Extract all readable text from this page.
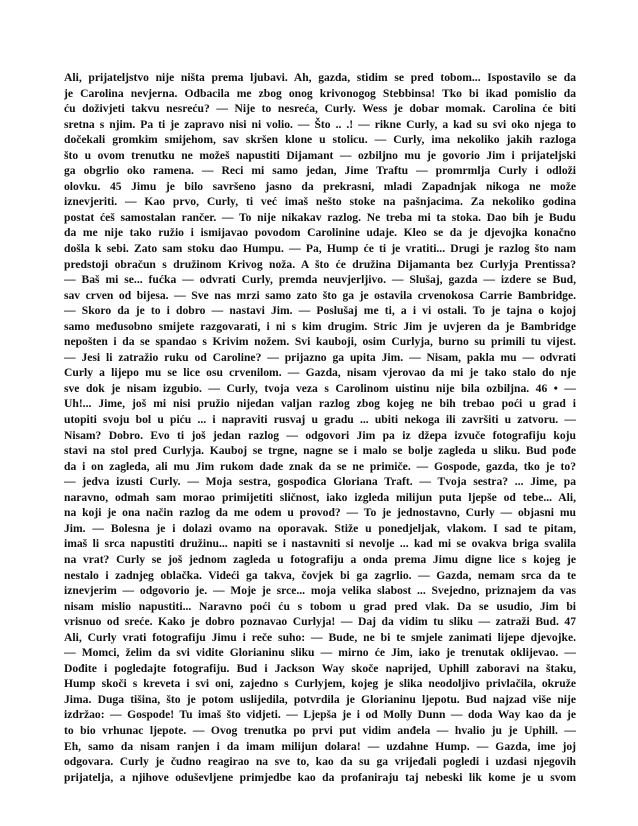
Ali, prijateljstvo nije ništa prema ljubavi. Ah, gazda, stidim se pred tobom... Ispostavilo se da
je Carolina nevjerna. Odbacila me zbog onog krivonogog Stebbinsa! Tko bi ikad pomislio da
ću doživjeti takvu nesreću? — Nije to nesreća, Curly. Wess je dobar momak. Carolina će biti
sretna s njim. Pa ti je zapravo nisi ni volio. — Što .. .! — rikne Curly, a kad su svi oko njega to
dočekali gromkim smijehom, sav skršen klone u stolicu. — Curly, ima nekoliko jakih razloga
što u ovom trenutku ne možeš napustiti Dijamant — ozbiljno mu je govorio Jim i prijateljski
ga obgrlio oko ramena. — Reci mi samo jedan, Jime Traftu — promrmlja Curly i odloži
olovku. 45 Jimu je bilo savršeno jasno da prekrasni, mladi Zapadnjak nikoga ne može
iznevjeriti. — Kao prvo, Curly, ti već imaš nešto stoke na pašnjacima. Za nekoliko godina
postat ćeš samostalan rančer. — To nije nikakav razlog. Ne treba mi ta stoka. Dao bih je Budu
da me nije tako ružio i ismijavao povodom Carolinine udaje. Kleo se da je djevojka konačno
došla k sebi. Zato sam stoku dao Humpu. — Pa, Hump će ti je vratiti... Drugi je razlog što nam
predstoji obračun s družinom Krivog noža. A što će družina Dijamanta bez Curlyja Prentissa?
— Baš mi se... fućka — odvrati Curly, premda neuvjerljivo. — Slušaj, gazda — izdere se Bud,
sav crven od bijesa. — Sve nas mrzi samo zato što ga je ostavila crvenokosa Carrie Bambridge.
— Skoro da je to i dobro — nastavi Jim. — Poslušaj me ti, a i vi ostali. To je tajna o kojoj
samo međusobno smijete razgovarati, i ni s kim drugim. Stric Jim je uvjeren da je Bambridge
nepošten i da se spandao s Krivim nožem. Svi kauboji, osim Curlyja, burno su primili tu vijest.
— Jesi li zatražio ruku od Caroline? — prijazno ga upita Jim. — Nisam, pakla mu — odvrati
Curly a lijepo mu se lice osu crvenilom. — Gazda, nisam vjerovao da mi je tako stalo do nje
sve dok je nisam izgubio. — Curly, tvoja veza s Carolinom uistinu nije bila ozbiljna. 46 • —
Uh!... Jime, još mi nisi pružio nijedan valjan razlog zbog kojeg ne bih trebao poći u grad i
utopiti svoju bol u piću ... i napraviti rusvaj u gradu ... ubiti nekoga ili završiti u zatvoru. —
Nisam? Dobro. Evo ti još jedan razlog — odgovori Jim pa iz džepa izvuče fotografiju koju
stavi na stol pred Curlyja. Kauboj se trgne, nagne se i malo se bolje zagleda u sliku. Bud pođe
da i on zagleda, ali mu Jim rukom dade znak da se ne primiče. — Gospode, gazda, tko je to?
— jedva izusti Curly. — Moja sestra, gospođica Gloriana Traft. — Tvoja sestra? ... Jime, pa
naravno, odmah sam moraо primijetiti sličnost, iako izgleda milijun puta ljepše od tebe... Ali,
na koji je ona način razlog da me odem u provod? — To je jednostavno, Curly — objasni mu
Jim. — Bolesna je i dolazi ovamo na oporavak. Stiže u ponedjeljak, vlakom. I sad te pitam,
imaš li srca napustiti družinu... napiti se i nastavniti si nevolje ... kad mi se ovakva briga svalila
na vrat? Curly se još jednom zagleda u fotografiju a onda prema Jimu digne lice s kojeg je
nestalo i zadnjeg oblačka. Videći ga takva, čovjek bi ga zagrlio. — Gazda, nemam srca da te
iznevjerim — odgovorio je. — Moje je srce... moja velika slabost ... Svejedno, priznajem da vas
nisam mislio napustiti... Naravno poći ću s tobom u grad pred vlak. Da se usudio, Jim bi
vrisnuo od sreće. Kako je dobro poznavao Curlyja! — Daj da vidim tu sliku — zatraži Bud. 47
Ali, Curly vrati fotografiju Jimu i reče suho: — Bude, ne bi te smjele zanimati lijepe djevojke.
— Momci, želim da svi vidite Glorianinu sliku — mirno će Jim, iako je trenutak oklijevao. —
Dođite i pogledajte fotografiju. Bud i Jackson Way skoče naprijed, Uphill zaboravi na štaku,
Hump skoči s kreveta i svi oni, zajedno s Curlyjem, kojeg je slika neodoljivo privlačila, okruže
Jima. Duga tišina, što je potom uslijedila, potvrdila je Glorianinu ljepotu. Bud najzad više nije
izdržao: — Gospode! Tu imaš što vidjeti. — Ljepša je i od Molly Dunn — doda Way kao da je
to bio vrhunac ljepote. — Ovog trenutka po prvi put vidim anđela — hvalio ju je Uphill. —
Eh, samo da nisam ranjen i da imam milijun dolara! — uzdahne Hump. — Gazda, ime joj
odgovara. Curly je čudno reagirao na sve to, kao da su ga vrijeđali pogledi i uzdasi njegovih
prijatelja, a njihove oduševljene primjedbe kao da profaniraju taj nebeski lik kome je u svom
